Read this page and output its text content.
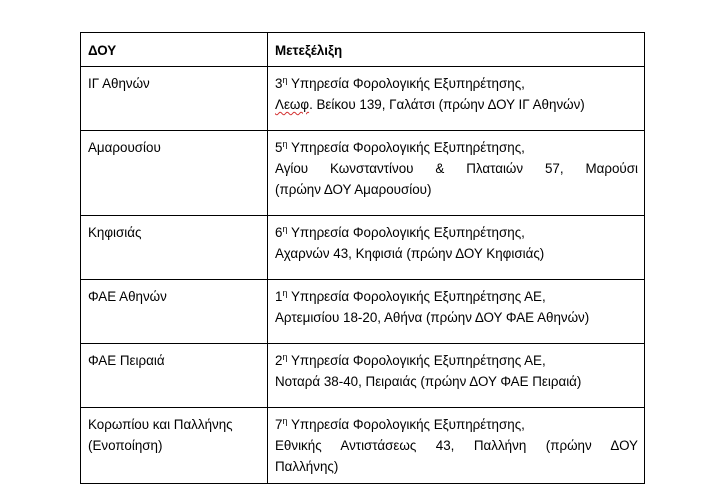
ΔΟΥ	Μετεξέλιξη
ΙΓ Αθηνών	$3^\eta$ Υπηρεσία Φορολογικής Εξυπηρέτησης,
Λεωφ. Βείκου 139, Γαλάτσι (πρώην ΔΟΥ ΙΓ Αθηνών)

Αμαρουσίου	$5^\eta$ Υπηρεσία Φορολογικής Εξυπηρέτησης,
Αγίου Κωνσταντίνου & Πλαταιών 57, Μαρούσι
(πρώην ΔΟΥ Αμαρουσίου)

Κηφισιάς	$6^\eta$ Υπηρεσία Φορολογικής Εξυπηρέτησης,
Αχαρνών 43, Κηφισιά (πρώην ΔΟΥ Κηφισιάς)

ΦΑΕ Αθηνών	$1^\eta$ Υπηρεσία Φορολογικής Εξυπηρέτησης ΑΕ,
Αρτεμισίου 18-20, Αθήνα (πρώην ΔΟΥ ΦΑΕ Αθηνών)

ΦΑΕ Πειραιά	$2^\eta$ Υπηρεσία Φορολογικής Εξυπηρέτησης ΑΕ,
Νοταρά 38-40, Πειραιάς (πρώην ΔΟΥ ΦΑΕ Πειραιά)

Κορωπίου και Παλλήνης
(Ενοποίηση)	$7^\eta$ Υπηρεσία Φορολογικής Εξυπηρέτησης,
Εθνικής Αντιστάσεως 43, Παλλήνη (πρώην ΔΟΥ
Παλλήνης)
